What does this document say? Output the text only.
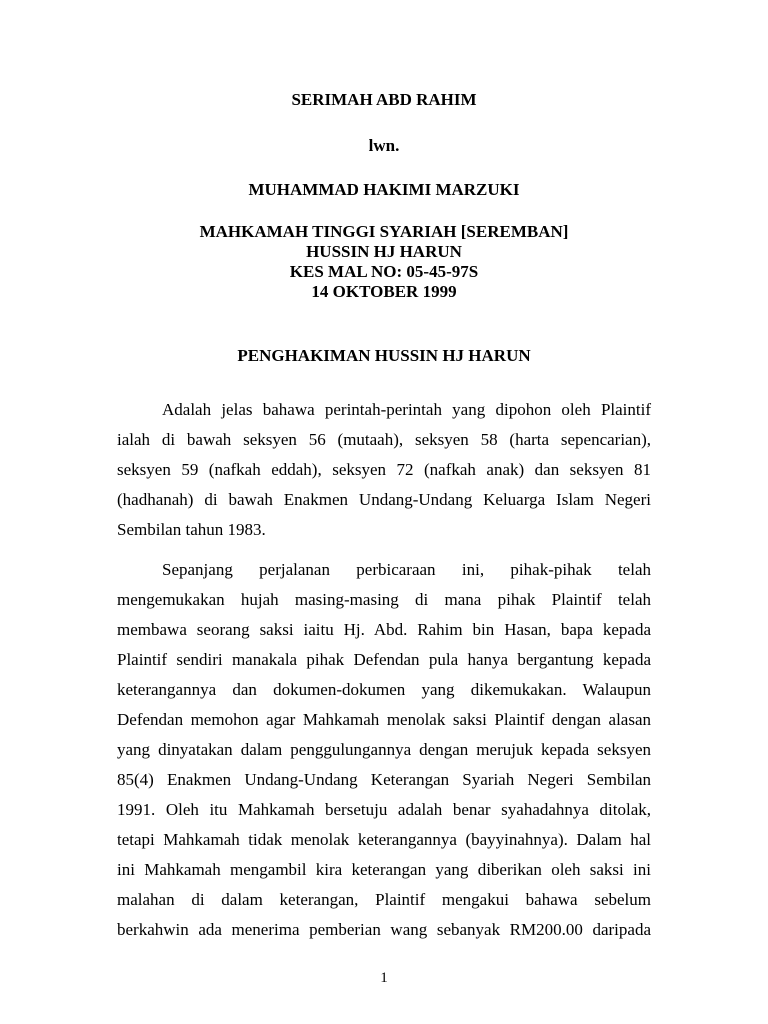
SERIMAH ABD RAHIM
lwn.
MUHAMMAD HAKIMI MARZUKI
MAHKAMAH TINGGI SYARIAH [SEREMBAN]
HUSSIN HJ HARUN
KES MAL NO: 05-45-97S
14 OKTOBER 1999
PENGHAKIMAN HUSSIN HJ HARUN
Adalah jelas bahawa perintah-perintah yang dipohon oleh Plaintif
ialah di bawah seksyen 56 (mutaah), seksyen 58 (harta sepencarian),
seksyen 59 (nafkah eddah), seksyen 72 (nafkah anak) dan seksyen 81
(hadhanah) di bawah Enakmen Undang-Undang Keluarga Islam Negeri
Sembilan tahun 1983.
Sepanjang perjalanan perbicaraan ini, pihak-pihak telah
mengemukakan hujah masing-masing di mana pihak Plaintif telah
membawa seorang saksi iaitu Hj. Abd. Rahim bin Hasan, bapa kepada
Plaintif sendiri manakala pihak Defendan pula hanya bergantung kepada
keterangannya dan dokumen-dokumen yang dikemukakan. Walaupun
Defendan memohon agar Mahkamah menolak saksi Plaintif dengan alasan
yang dinyatakan dalam penggulungannya dengan merujuk kepada seksyen
85(4) Enakmen Undang-Undang Keterangan Syariah Negeri Sembilan
1991. Oleh itu Mahkamah bersetuju adalah benar syahadahnya ditolak,
tetapi Mahkamah tidak menolak keterangannya (bayyinahnya). Dalam hal
ini Mahkamah mengambil kira keterangan yang diberikan oleh saksi ini
malahan di dalam keterangan, Plaintif mengakui bahawa sebelum
berkahwin ada menerima pemberian wang sebanyak RM200.00 daripada
1
